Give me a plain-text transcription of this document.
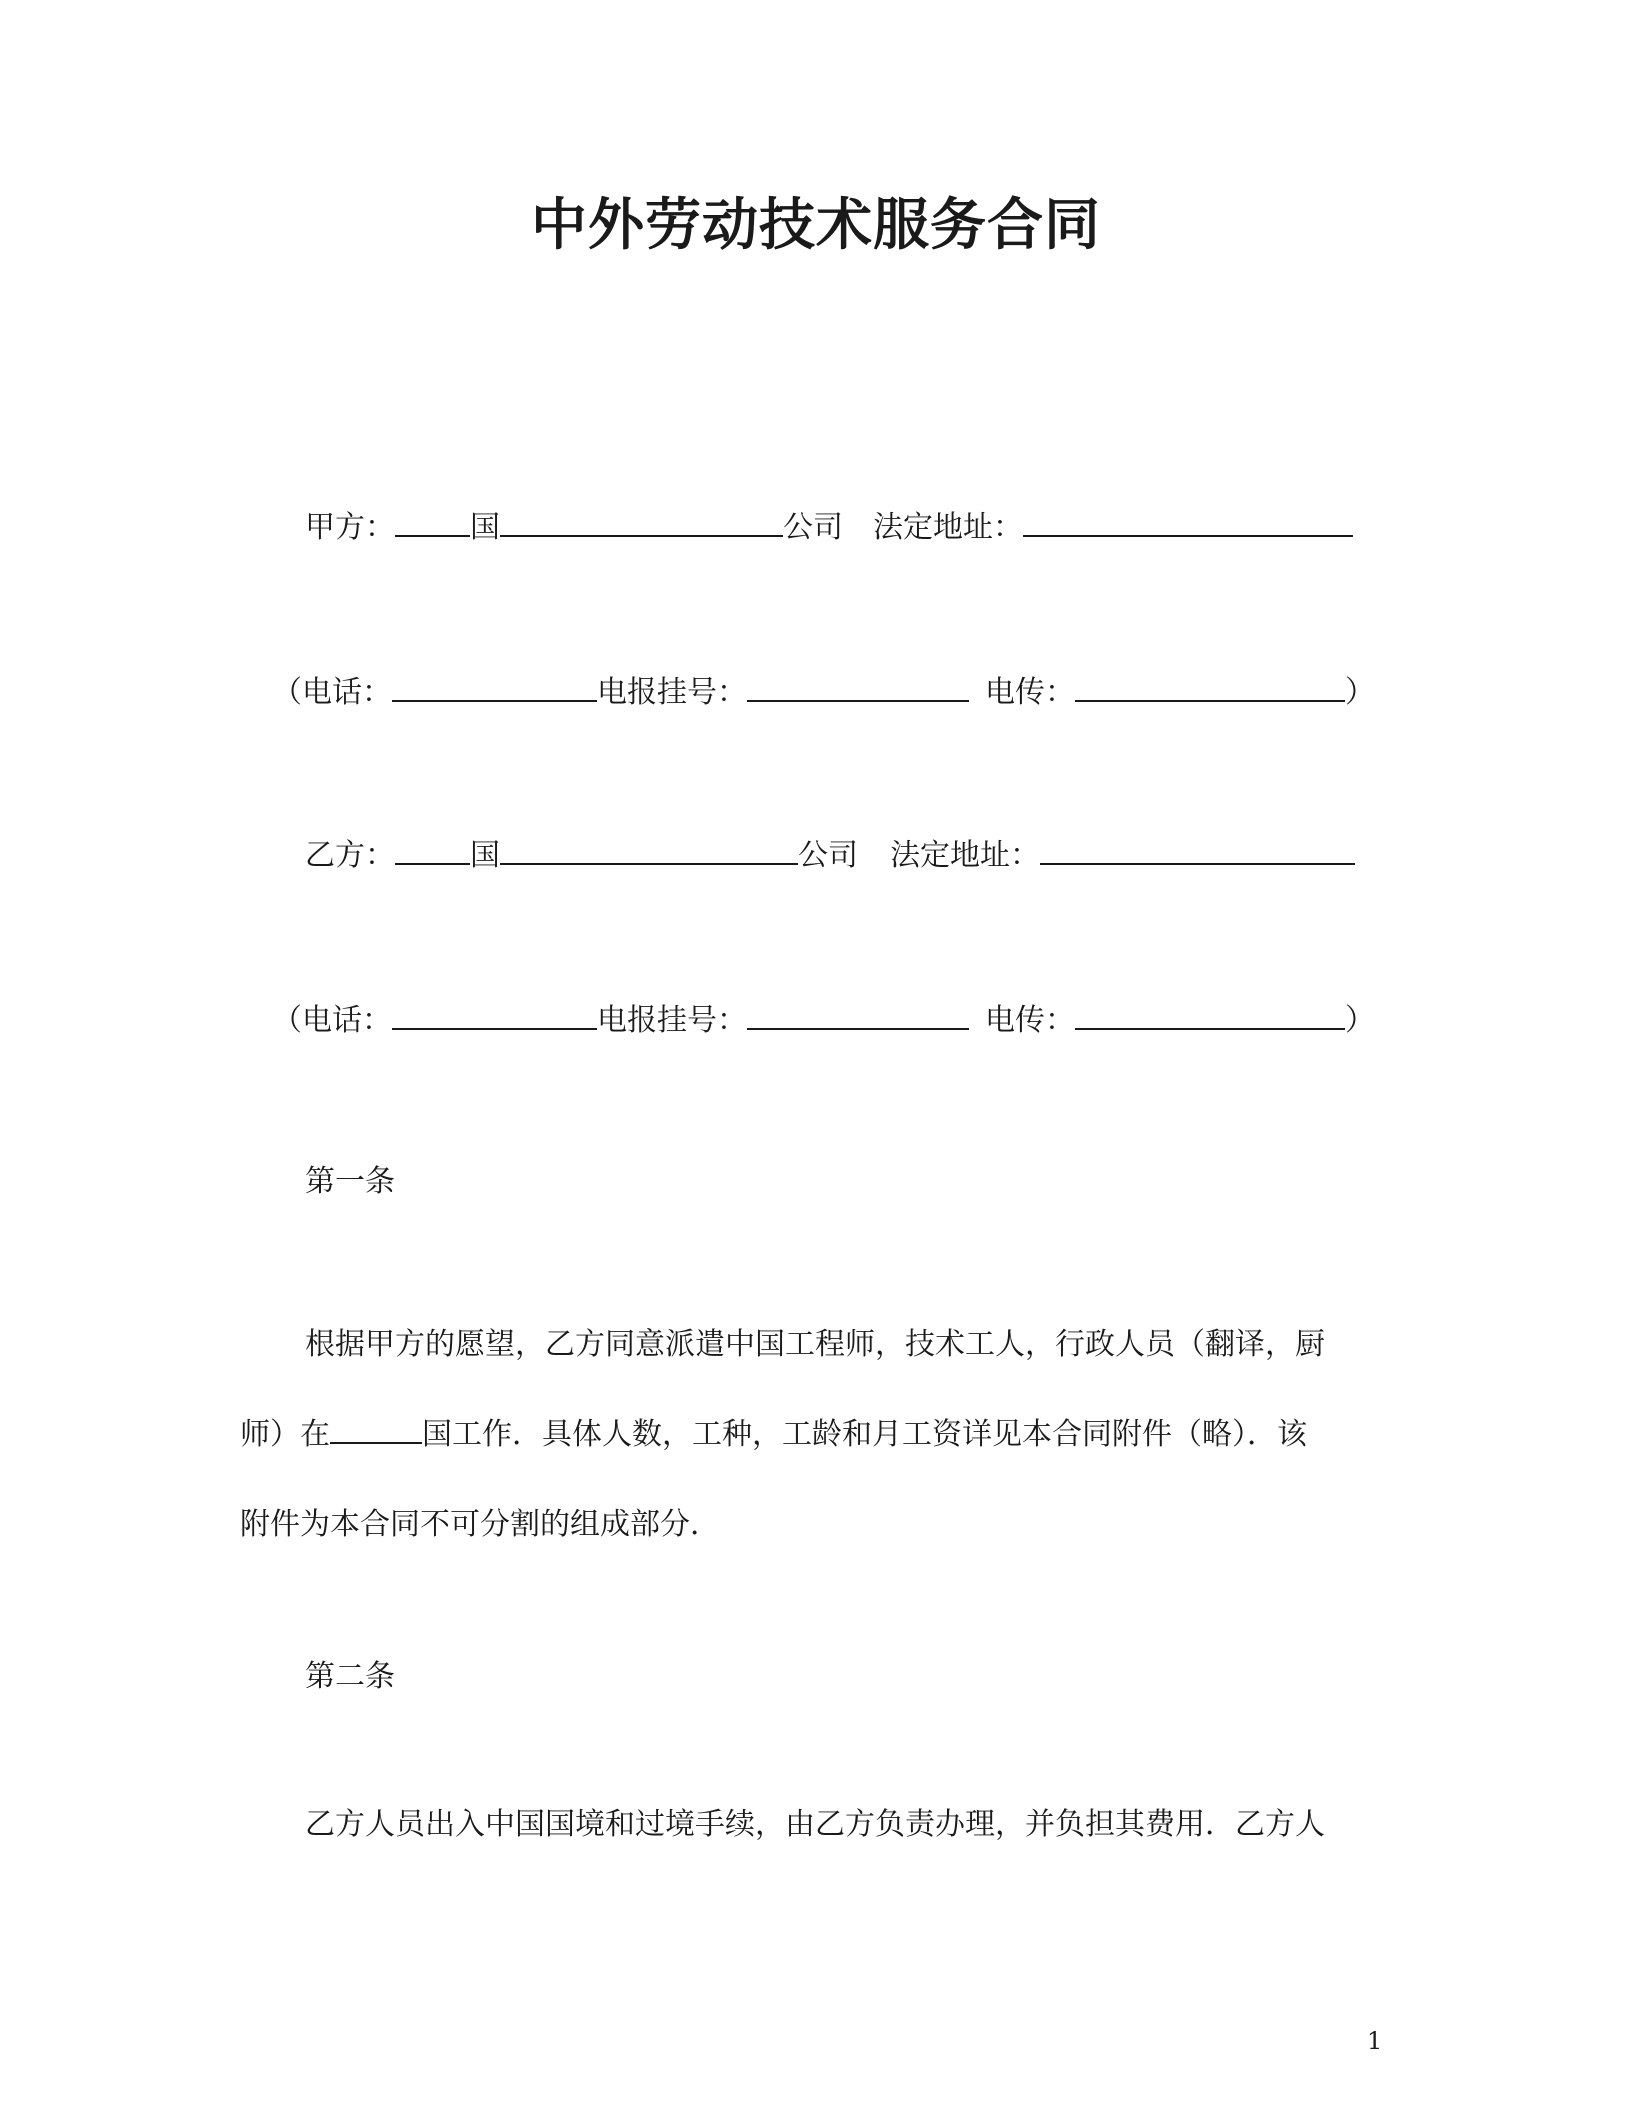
中外劳动技术服务合同
甲方：	国	公司 法定地址：
（ 电话：	电报挂号：	电传：	）
乙方：	国	公司 法定地址：
（ 电话：	电报挂号：	电传：	）
第一条

根据甲方的愿望，乙方同意派遣中国工程师，技术工人，行政人员（翻译，厨

师）在	国工作．具体人数，工种，工龄和月工资详见本合同附件（略）．该

附件为本合同不可分割的组成部分．

第二条

乙方人员出入中国国境和过境手续，由乙方负责办理，并负担其费用．乙方人

1
